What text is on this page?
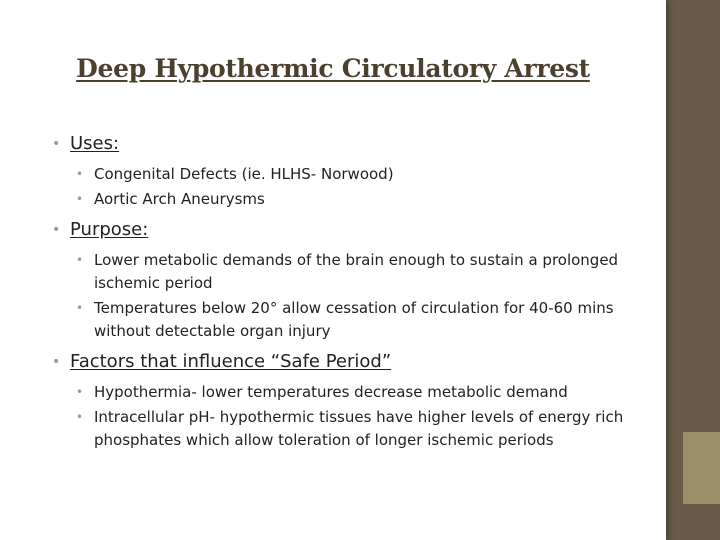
Deep Hypothermic Circulatory Arrest
• Uses:
• Congenital Defects (ie. HLHS- Norwood)
• Aortic Arch Aneurysms
• Purpose:
• Lower metabolic demands of the brain enough to sustain a prolonged ischemic period
• Temperatures below 20° allow cessation of circulation for 40-60 mins without detectable organ injury
• Factors that influence “Safe Period”
• Hypothermia- lower temperatures decrease metabolic demand
• Intracellular pH- hypothermic tissues have higher levels of energy rich phosphates which allow toleration of longer ischemic periods
